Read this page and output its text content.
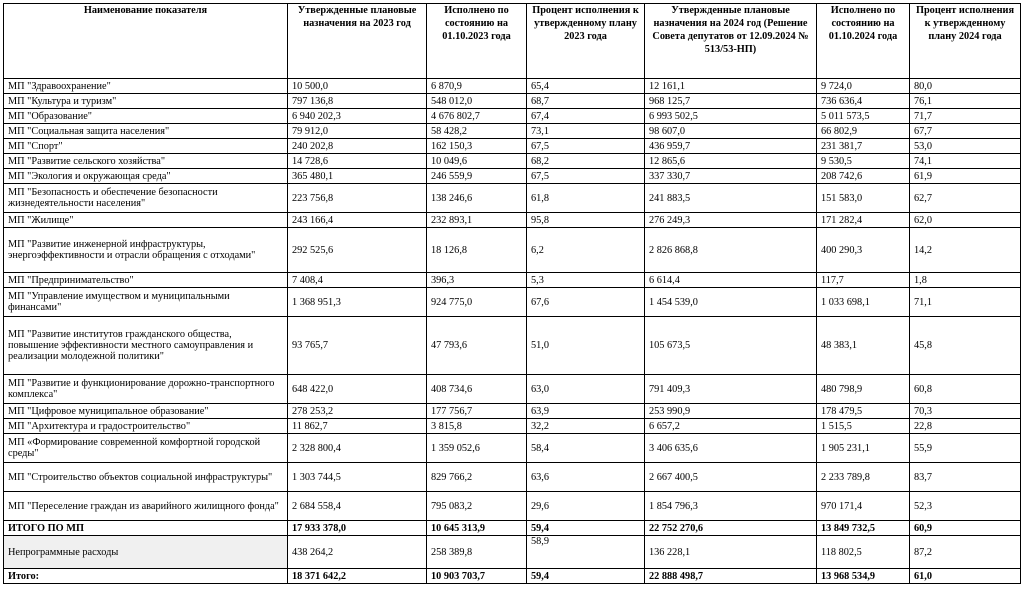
Наименование показателя	Утвержденные плановые назначения на 2023 год	Исполнено по состоянию на 01.10.2023 года	Процент исполнения к утвержденному плану 2023 года	Утвержденные плановые назначения на 2024 год (Решение Совета депутатов от 12.09.2024 № 513/53-НП)	Исполнено по состоянию на 01.10.2024 года	Процент исполнения к утвержденному плану 2024 года
МП "Здравоохранение"	10 500,0	6 870,9	65,4	12 161,1	9 724,0	80,0
МП "Культура и туризм"	797 136,8	548 012,0	68,7	968 125,7	736 636,4	76,1
МП "Образование"	6 940 202,3	4 676 802,7	67,4	6 993 502,5	5 011 573,5	71,7
МП "Социальная защита населения"	79 912,0	58 428,2	73,1	98 607,0	66 802,9	67,7
МП "Спорт"	240 202,8	162 150,3	67,5	436 959,7	231 381,7	53,0
МП "Развитие сельского хозяйства"	14 728,6	10 049,6	68,2	12 865,6	9 530,5	74,1
МП "Экология и окружающая среда"	365 480,1	246 559,9	67,5	337 330,7	208 742,6	61,9
МП "Безопасность и обеспечение безопасности жизнедеятельности населения"	223 756,8	138 246,6	61,8	241 883,5	151 583,0	62,7
МП "Жилище"	243 166,4	232 893,1	95,8	276 249,3	171 282,4	62,0
МП "Развитие инженерной инфраструктуры, энергоэффективности и отрасли обращения с отходами"	292 525,6	18 126,8	6,2	2 826 868,8	400 290,3	14,2
МП "Предпринимательство"	7 408,4	396,3	5,3	6 614,4	117,7	1,8
МП "Управление имуществом и муниципальными финансами"	1 368 951,3	924 775,0	67,6	1 454 539,0	1 033 698,1	71,1
МП "Развитие институтов гражданского общества, повышение эффективности местного самоуправления и реализации молодежной политики"	93 765,7	47 793,6	51,0	105 673,5	48 383,1	45,8
МП "Развитие и функционирование дорожно-транспортного комплекса"	648 422,0	408 734,6	63,0	791 409,3	480 798,9	60,8
МП "Цифровое муниципальное образование"	278 253,2	177 756,7	63,9	253 990,9	178 479,5	70,3
МП "Архитектура и градостроительство"	11 862,7	3 815,8	32,2	6 657,2	1 515,5	22,8
МП «Формирование современной комфортной городской среды"	2 328 800,4	1 359 052,6	58,4	3 406 635,6	1 905 231,1	55,9
МП "Строительство объектов социальной инфраструктуры"	1 303 744,5	829 766,2	63,6	2 667 400,5	2 233 789,8	83,7
МП "Переселение граждан из аварийного жилищного фонда"	2 684 558,4	795 083,2	29,6	1 854 796,3	970 171,4	52,3
ИТОГО ПО МП	17 933 378,0	10 645 313,9	59,4	22 752 270,6	13 849 732,5	60,9
Непрограммные расходы	438 264,2	258 389,8	58,9	136 228,1	118 802,5	87,2
Итого:	18 371 642,2	10 903 703,7	59,4	22 888 498,7	13 968 534,9	61,0
